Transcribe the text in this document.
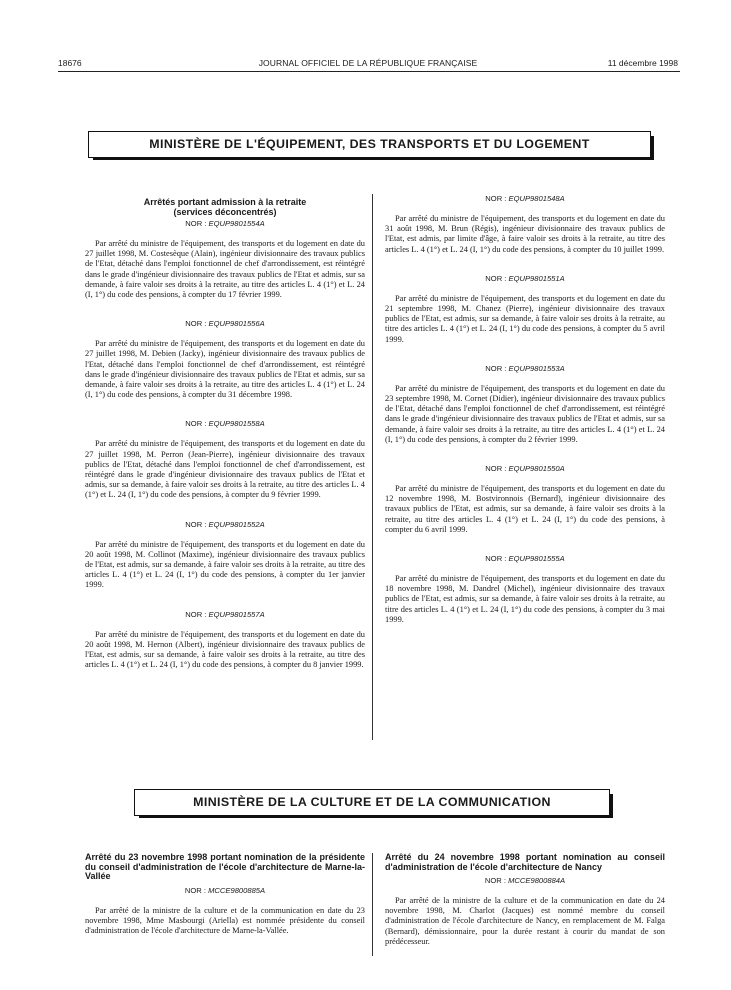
18676	JOURNAL OFFICIEL DE LA RÉPUBLIQUE FRANÇAISE	11 décembre 1998
MINISTÈRE DE L'ÉQUIPEMENT, DES TRANSPORTS ET DU LOGEMENT
Arrêtés portant admission à la retraite
(services déconcentrés)
NOR : EQUP9801554A

Par arrêté du ministre de l'équipement, des transports et du logement en date du 27 juillet 1998, M. Costesèque (Alain), ingénieur divisionnaire des travaux publics de l'Etat, détaché dans l'emploi fonctionnel de chef d'arrondissement, est réintégré dans le grade d'ingénieur divisionnaire des travaux publics de l'Etat et admis, sur sa demande, à faire valoir ses droits à la retraite, au titre des articles L. 4 (1°) et L. 24 (I, 1°) du code des pensions, à compter du 17 février 1999.

NOR : EQUP9801556A

Par arrêté du ministre de l'équipement, des transports et du logement en date du 27 juillet 1998, M. Debien (Jacky), ingénieur divisionnaire des travaux publics de l'Etat, détaché dans l'emploi fonctionnel de chef d'arrondissement, est réintégré dans le grade d'ingénieur divisionnaire des travaux publics de l'Etat et admis, sur sa demande, à faire valoir ses droits à la retraite, au titre des articles L. 4 (1°) et L. 24 (I, 1°) du code des pensions, à compter du 31 décembre 1998.

NOR : EQUP9801558A

Par arrêté du ministre de l'équipement, des transports et du logement en date du 27 juillet 1998, M. Perron (Jean-Pierre), ingénieur divisionnaire des travaux publics de l'Etat, détaché dans l'emploi fonctionnel de chef d'arrondissement, est réintégré dans le grade d'ingénieur divisionnaire des travaux publics de l'Etat et admis, sur sa demande, à faire valoir ses droits à la retraite, au titre des articles L. 4 (1°) et L. 24 (I, 1°) du code des pensions, à compter du 9 février 1999.

NOR : EQUP9801552A

Par arrêté du ministre de l'équipement, des transports et du logement en date du 20 août 1998, M. Collinot (Maxime), ingénieur divisionnaire des travaux publics de l'Etat, est admis, sur sa demande, à faire valoir ses droits à la retraite, au titre des articles L. 4 (1°) et L. 24 (I, 1°) du code des pensions, à compter du 1er janvier 1999.

NOR : EQUP9801557A

Par arrêté du ministre de l'équipement, des transports et du logement en date du 20 août 1998, M. Hernon (Albert), ingénieur divisionnaire des travaux publics de l'Etat, est admis, sur sa demande, à faire valoir ses droits à la retraite, au titre des articles L. 4 (1°) et L. 24 (I, 1°) du code des pensions, à compter du 8 janvier 1999.

NOR : EQUP9801548A

Par arrêté du ministre de l'équipement, des transports et du logement en date du 31 août 1998, M. Brun (Régis), ingénieur divisionnaire des travaux publics de l'Etat, est admis, par limite d'âge, à faire valoir ses droits à la retraite, au titre des articles L. 4 (1°) et L. 24 (I, 1°) du code des pensions, à compter du 10 juillet 1999.

NOR : EQUP9801551A

Par arrêté du ministre de l'équipement, des transports et du logement en date du 21 septembre 1998, M. Chanez (Pierre), ingénieur divisionnaire des travaux publics de l'Etat, est admis, sur sa demande, à faire valoir ses droits à la retraite, au titre des articles L. 4 (1°) et L. 24 (I, 1°) du code des pensions, à compter du 5 avril 1999.

NOR : EQUP9801553A

Par arrêté du ministre de l'équipement, des transports et du logement en date du 23 septembre 1998, M. Cornet (Didier), ingénieur divisionnaire des travaux publics de l'Etat, détaché dans l'emploi fonctionnel de chef d'arrondissement, est réintégré dans le grade d'ingénieur divisionnaire des travaux publics de l'Etat et admis, sur sa demande, à faire valoir ses droits à la retraite, au titre des articles L. 4 (1°) et L. 24 (I, 1°) du code des pensions, à compter du 2 février 1999.

NOR : EQUP9801550A

Par arrêté du ministre de l'équipement, des transports et du logement en date du 12 novembre 1998, M. Bostvironnois (Bernard), ingénieur divisionnaire des travaux publics de l'Etat, est admis, sur sa demande, à faire valoir ses droits à la retraite, au titre des articles L. 4 (1°) et L. 24 (I, 1°) du code des pensions, à compter du 6 avril 1999.

NOR : EQUP9801555A

Par arrêté du ministre de l'équipement, des transports et du logement en date du 18 novembre 1998, M. Dandrel (Michel), ingénieur divisionnaire des travaux publics de l'Etat, est admis, sur sa demande, à faire valoir ses droits à la retraite, au titre des articles L. 4 (1°) et L. 24 (I, 1°) du code des pensions, à compter du 3 mai 1999.

MINISTÈRE DE LA CULTURE ET DE LA COMMUNICATION
Arrêté du 23 novembre 1998 portant nomination de la présidente du conseil d'administration de l'école d'architecture de Marne-la-Vallée
NOR : MCCE9800885A

Par arrêté de la ministre de la culture et de la communication en date du 23 novembre 1998, Mme Masbourgi (Ariella) est nommée présidente du conseil d'administration de l'école d'architecture de Marne-la-Vallée.

Arrêté du 24 novembre 1998 portant nomination au conseil d'administration de l'école d'architecture de Nancy
NOR : MCCE9800884A

Par arrêté de la ministre de la culture et de la communication en date du 24 novembre 1998, M. Charlot (Jacques) est nommé membre du conseil d'administration de l'école d'architecture de Nancy, en remplacement de M. Falga (Bernard), démissionnaire, pour la durée restant à courir du mandat de son prédécesseur.
